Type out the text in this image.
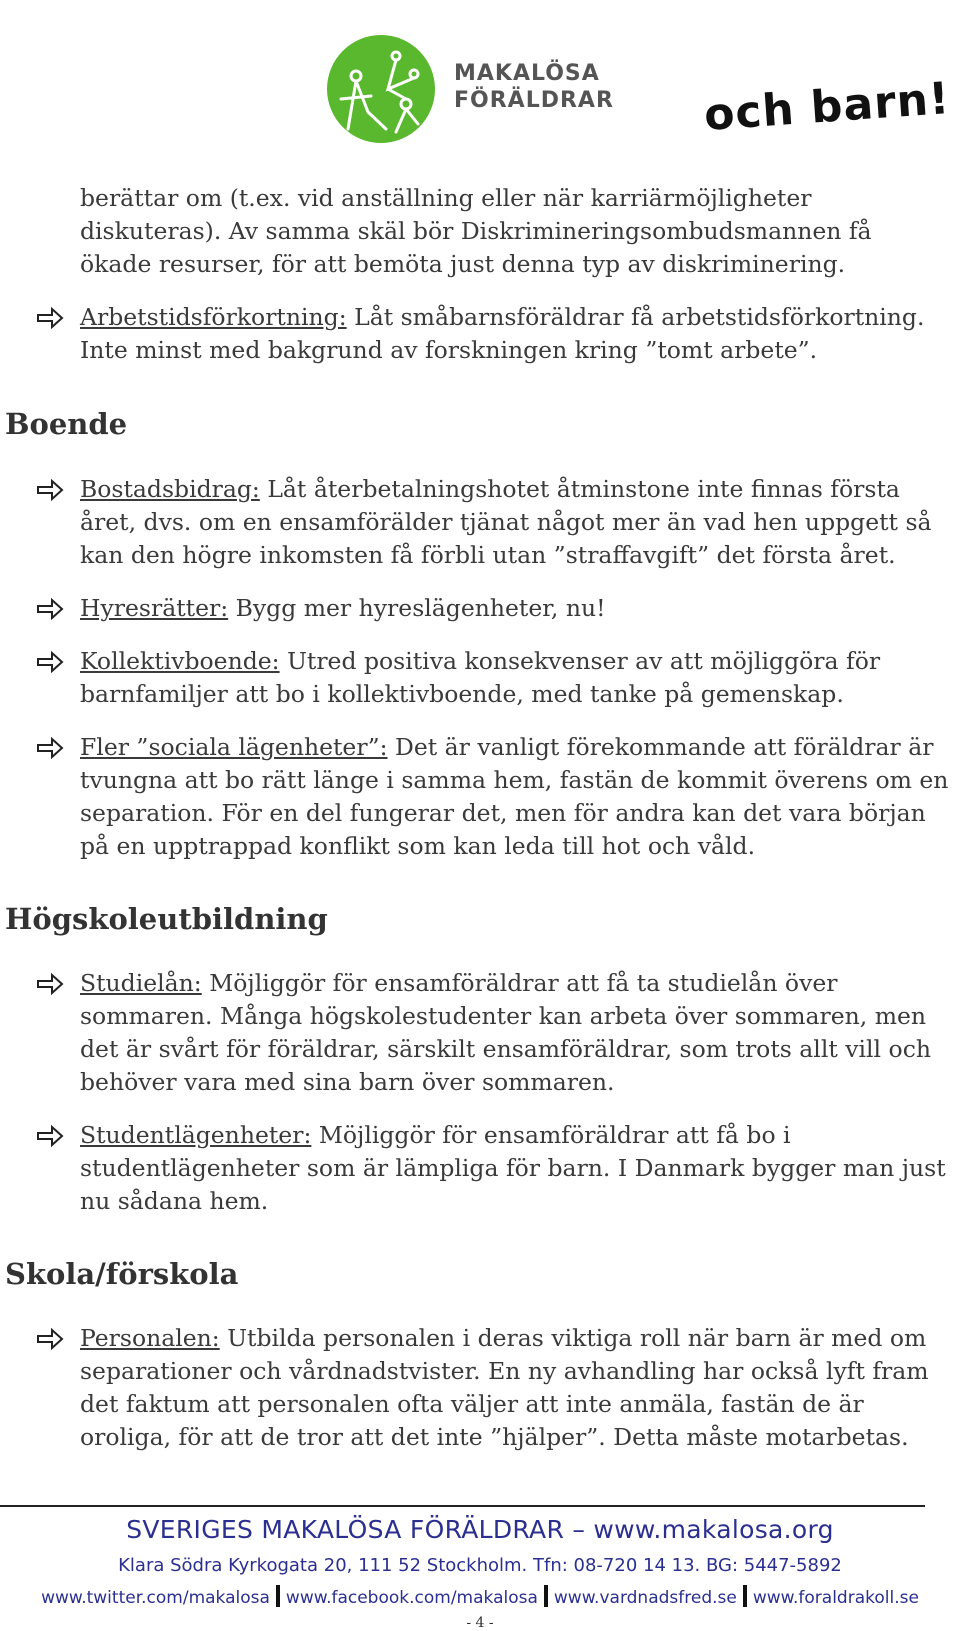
MAKALÖSA
FÖRÄLDRAR och barn!

berättar om (t.ex. vid anställning eller när karriärmöjligheter diskuteras). Av samma skäl bör Diskrimineringsombudsmannen få ökade resurser, för att bemöta just denna typ av diskriminering.

Arbetstidsförkortning: Låt småbarnsföräldrar få arbetstidsförkortning. Inte minst med bakgrund av forskningen kring ”tomt arbete”.
Boende
Bostadsbidrag: Låt återbetalningshotet åtminstone inte finnas första året, dvs. om en ensamförälder tjänat något mer än vad hen uppgett så kan den högre inkomsten få förbli utan ”straffavgift” det första året.
Hyresrätter: Bygg mer hyreslägenheter, nu!
Kollektivboende: Utred positiva konsekvenser av att möjliggöra för barnfamiljer att bo i kollektivboende, med tanke på gemenskap.
Fler ”sociala lägenheter”: Det är vanligt förekommande att föräldrar är tvungna att bo rätt länge i samma hem, fastän de kommit överens om en separation. För en del fungerar det, men för andra kan det vara början på en upptrappad konflikt som kan leda till hot och våld.
Högskoleutbildning
Studielån: Möjliggör för ensamföräldrar att få ta studielån över sommaren. Många högskolestudenter kan arbeta över sommaren, men det är svårt för föräldrar, särskilt ensamföräldrar, som trots allt vill och behöver vara med sina barn över sommaren.
Studentlägenheter: Möjliggör för ensamföräldrar att få bo i studentlägenheter som är lämpliga för barn. I Danmark bygger man just nu sådana hem.
Skola/förskola
Personalen: Utbilda personalen i deras viktiga roll när barn är med om separationer och vårdnadstvister. En ny avhandling har också lyft fram det faktum att personalen ofta väljer att inte anmäla, fastän de är oroliga, för att de tror att det inte ”hjälper”. Detta måste motarbetas.
SVERIGES MAKALÖSA FÖRÄLDRAR – www.makalosa.org
Klara Södra Kyrkogata 20, 111 52 Stockholm. Tfn: 08-720 14 13. BG: 5447-5892
www.twitter.com/makalosa www.facebook.com/makalosa www.vardnadsfred.se www.foraldrakoll.se
- 4 -
